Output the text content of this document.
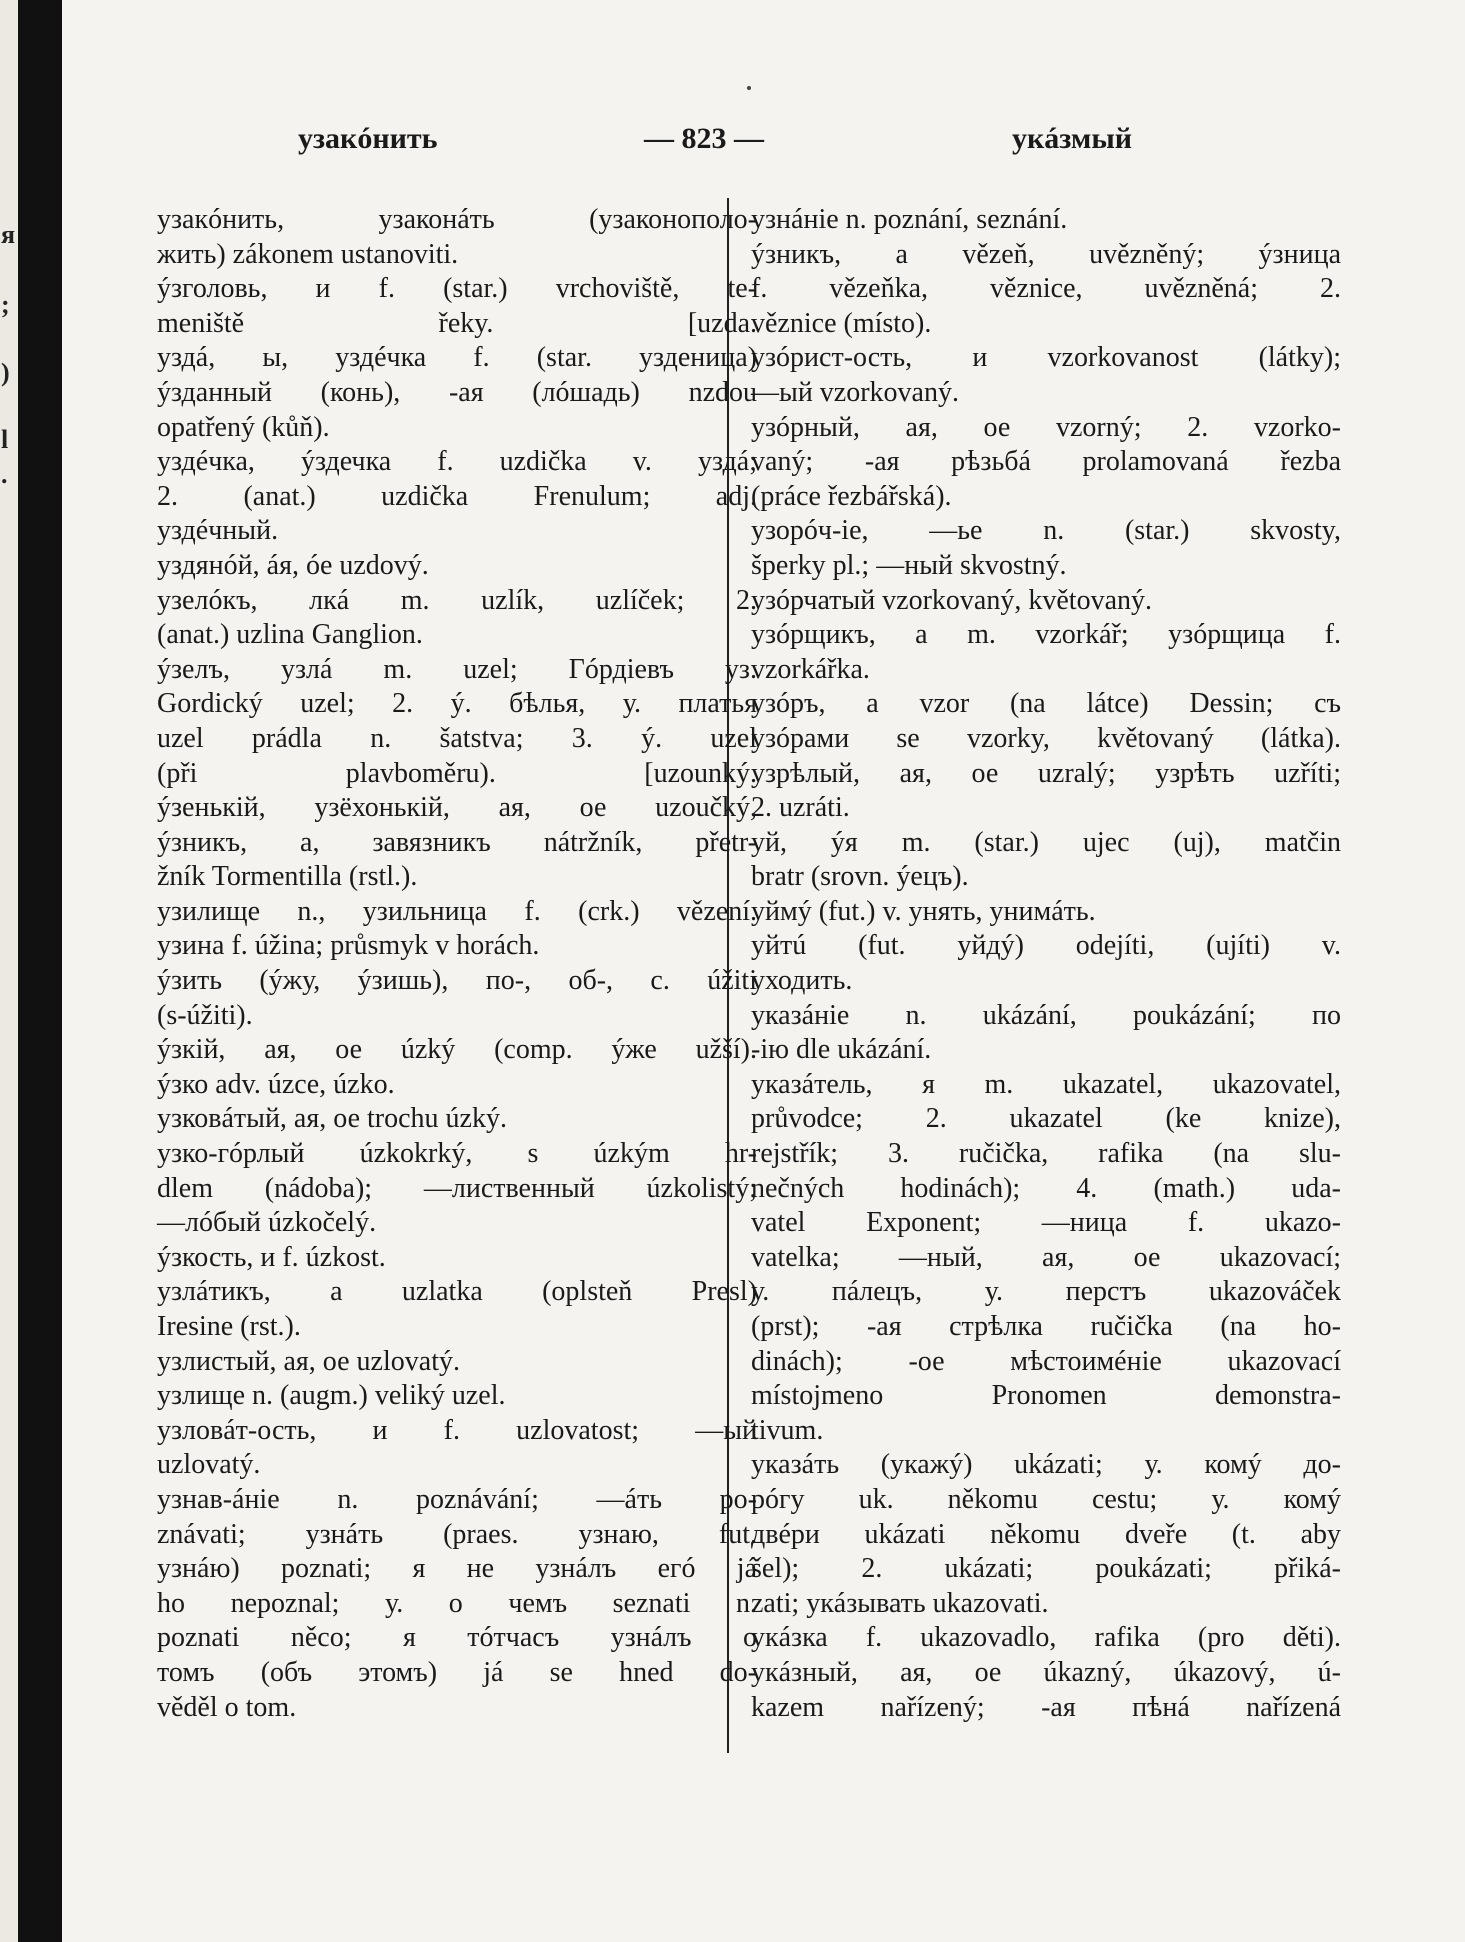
я
;
)
l
.
узакóнить	— 823 —	укáзмый
узакóнить, узаконáть (узаконополо-
жить) zákonem ustanoviti.
ýзголовь, и f. (star.) vrchoviště, te-
meniště řeky. [uzda.
уздá, ы, уздéчка f. (star. узденица)
ýзданный (конь), -ая (лóшадь) nzdou
opatřený (kůň).
уздéчка, ýздечка f. uzdička v. уздá;
2. (anat.) uzdička Frenulum; adj.
уздéчный.
уздянóй, áя, óе uzdový.
узелóкъ, лкá m. uzlík, uzlíček; 2.
(anat.) uzlina Ganglion.
ýзелъ, узлá m. uzel; Гóрдіевъ уз.
Gordický uzel; 2. ý. бѣлья, у. платья
uzel prádla n. šatstva; 3. ý. uzel
(při plavboměru). [uzounký.
ýзенькій, узёхонькій, ая, ое uzoučký,
ýзникъ, а, завязникъ nátržník, přetr-
žník Tormentilla (rstl.).
узилище n., узильница f. (crk.) vězení.
узина f. úžina; průsmyk v horách.
ýзить (ýжу, ýзишь), по-, об-, с. úžiti
(s-úžiti).
ýзкій, ая, ое úzký (comp. ýже užší).
ýзко adv. úzce, úzko.
узковáтый, ая, ое trochu úzký.
узко-гóрлый úzkokrký, s úzkým hr-
dlem (nádoba); —лиственный úzkolistý;
—лóбый úzkočelý.
ýзкость, и f. úzkost.
узлáтикъ, а uzlatka (oplsteň Presl)
Iresine (rst.).
узлистый, ая, ое uzlovatý.
узлище n. (augm.) veliký uzel.
узловáт-ость, и f. uzlovatost; —ый
uzlovatý.
узнав-áніе n. poznávání; —áть po-
znávati; узнáть (praes. узнаю, fut.
узнáю) poznati; я не узнáлъ егó já
ho nepoznal; у. о чемъ seznati n.
poznati něco; я тóтчасъ узнáлъ о
томъ (объ этомъ) já se hned do-
věděl o tom.
узнáніе n. poznání, seznání.
ýзникъ, а vězeň, uvězněný; ýзница
f. vězeňka, věznice, uvězněná; 2.
věznice (místo).
узóрист-ость, и vzorkovanost (látky);
—ый vzorkovaný.
узóрный, ая, ое vzorný; 2. vzorko-
vaný; -ая рѣзьбá prolamovaná řezba
(práce řezbářská).
узорóч-іе, —ье n. (star.) skvosty,
šperky pl.; —ный skvostný.
узóрчатый vzorkovaný, květovaný.
узóрщикъ, а m. vzorkář; узóрщица f.
vzorkářka.
узóръ, а vzor (na látce) Dessin; съ
узóрами se vzorky, květovaný (látka).
узрѣлый, ая, ое uzralý; узрѣть uzříti;
2. uzráti.
уй, ýя m. (star.) ujec (uj), matčin
bratr (srovn. ýецъ).
уймý (fut.) v. унять, унимáть.
уйтú (fut. уйдý) odejíti, (ujíti) v.
уходить.
указáніе n. ukázání, poukázání; по
-ію dle ukázání.
указáтель, я m. ukazatel, ukazovatel,
průvodce; 2. ukazatel (ke knize),
rejstřík; 3. ručička, rafika (na slu-
nečných hodinách); 4. (math.) uda-
vatel Exponent; —ница f. ukazo-
vatelka; —ный, ая, ое ukazovací;
у. пáлецъ, у. перстъ ukazováček
(prst); -ая стрѣлка ručička (na ho-
dinách); -ое мѣстоимéніе ukazovací
místojmeno Pronomen demonstra-
tivum.
указáть (укажý) ukázati; у. комý до-
рóгу uk. někomu cestu; у. комý
двéри ukázati někomu dveře (t. aby
šel); 2. ukázati; poukázati; přiká-
zati; укáзывать ukazovati.
укáзка f. ukazovadlo, rafika (pro děti).
укáзный, ая, ое úkazný, úkazový, ú-
kazem nařízený; -ая пѣнá nařízená
